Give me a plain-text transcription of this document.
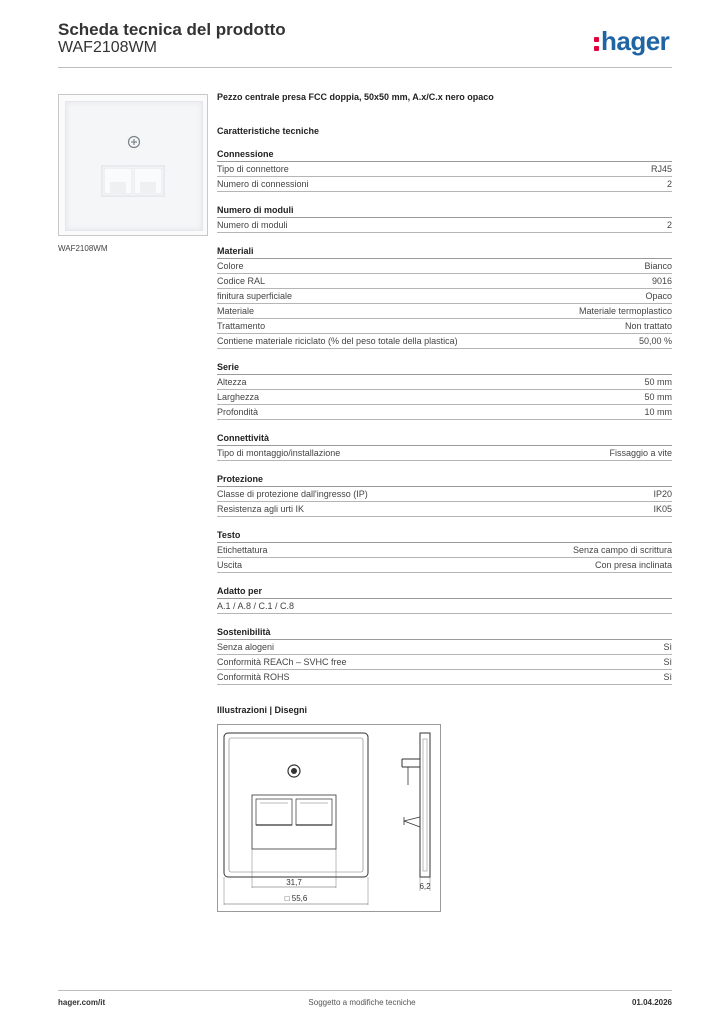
Scheda tecnica del prodotto
WAF2108WM	hager
WAF2108WM
Pezzo centrale presa FCC doppia, 50x50 mm, A.x/C.x nero opaco
Caratteristiche tecniche
Connessione
Tipo di connettore	RJ45
Numero di connessioni	2
Numero di moduli
Numero di moduli	2
Materiali
Colore	Bianco
Codice RAL	9016
finitura superficiale	Opaco
Materiale	Materiale termoplastico
Trattamento	Non trattato
Contiene materiale riciclato (% del peso totale della plastica)	50,00 %
Serie
Altezza	50 mm
Larghezza	50 mm
Profondità	10 mm
Connettività
Tipo di montaggio/installazione	Fissaggio a vite
Protezione
Classe di protezione dall'ingresso (IP)	IP20
Resistenza agli urti IK	IK05
Testo
Etichettatura	Senza campo di scrittura
Uscita	Con presa inclinata
Adatto per
A.1 / A.8 / C.1 / C.8
Sostenibilità
Senza alogeni	Sì
Conformità REACh – SVHC free	Sì
Conformità ROHS	Sì
Illustrazioni | Disegni
31,7
□ 55,6
6,2
hager.com/it	Soggetto a modifiche tecniche	01.04.2026
